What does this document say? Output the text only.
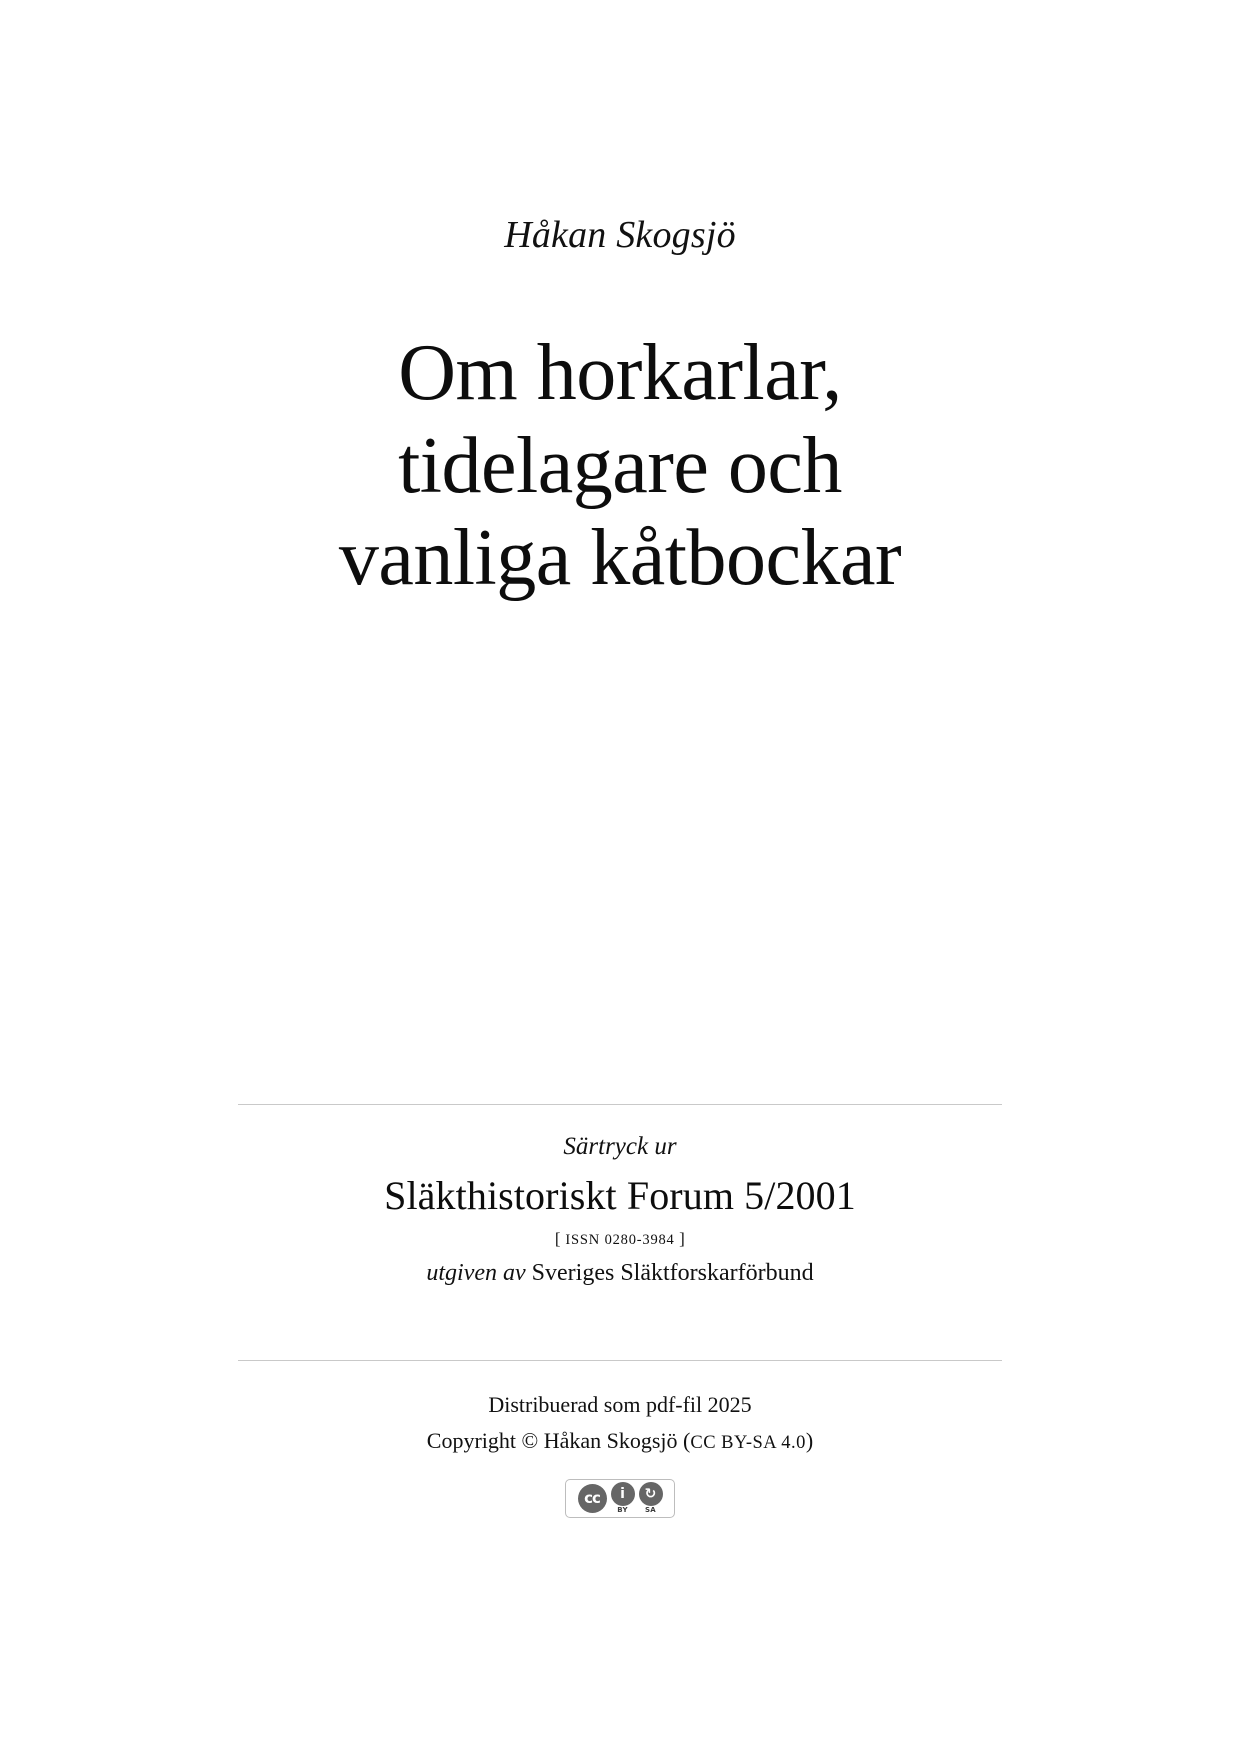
Håkan Skogsjö
Om horkarlar,
tidelagare och
vanliga kåtbockar
Särtryck ur
Släkthistoriskt Forum 5/2001
[ ISSN 0280-3984 ]
utgiven av Sveriges Släktforskarförbund
Distribuerad som pdf-fil 2025
Copyright © Håkan Skogsjö (CC BY-SA 4.0)
cc	i
BY
↻
SA
